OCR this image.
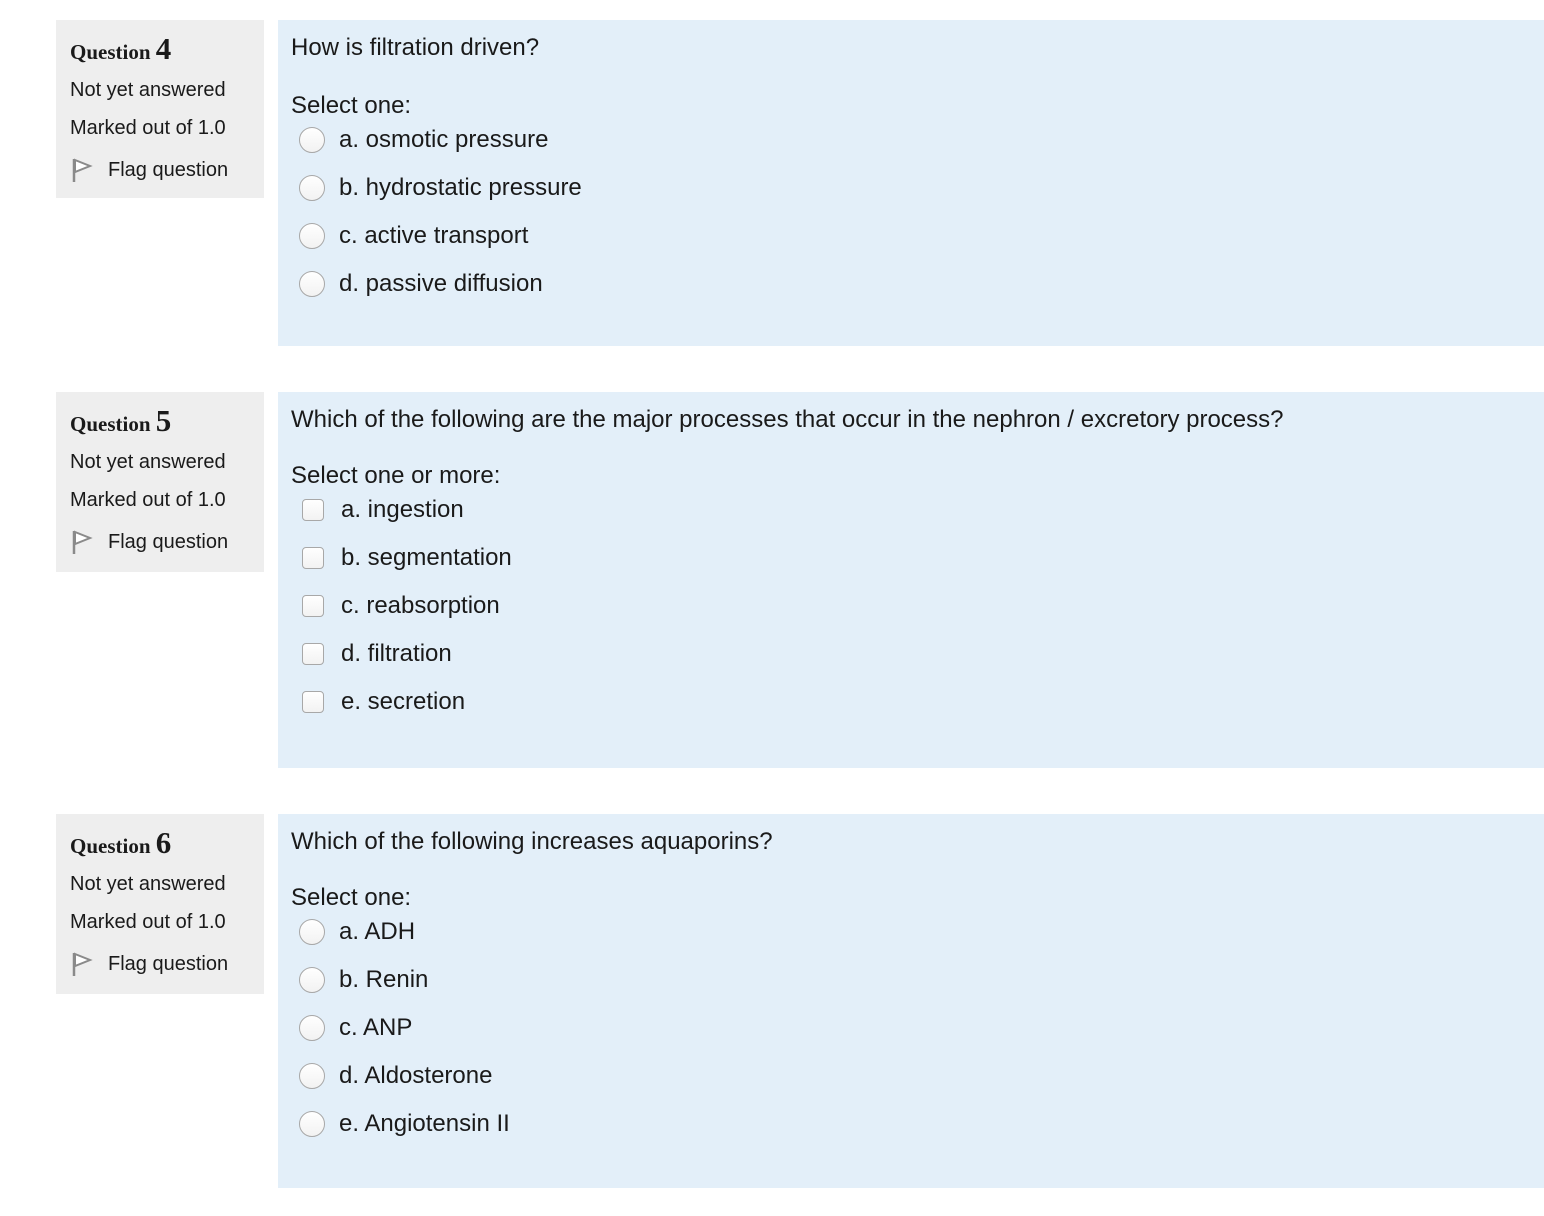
Question 4
Not yet answered
Marked out of 1.0
Flag question

How is filtration driven?

Select one:
a. osmotic pressure
b. hydrostatic pressure
c. active transport
d. passive diffusion
Question 5
Not yet answered
Marked out of 1.0
Flag question

Which of the following are the major processes that occur in the nephron / excretory process?

Select one or more:
a. ingestion
b. segmentation
c. reabsorption
d. filtration
e. secretion
Question 6
Not yet answered
Marked out of 1.0
Flag question

Which of the following increases aquaporins?

Select one:
a. ADH
b. Renin
c. ANP
d. Aldosterone
e. Angiotensin II
